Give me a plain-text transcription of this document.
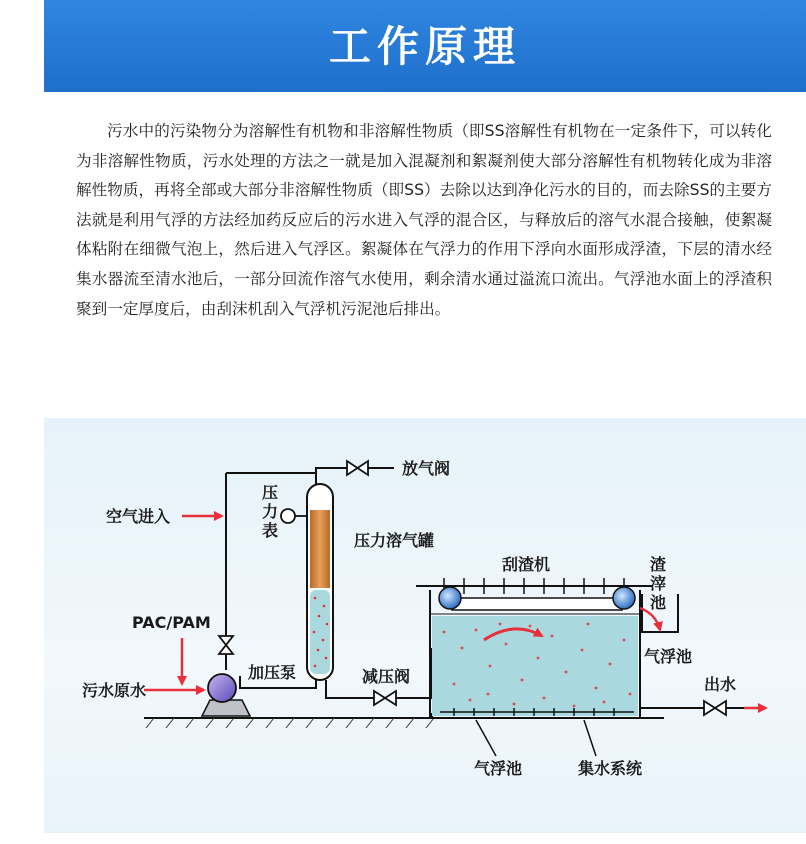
工作原理
污水中的污染物分为溶解性有机物和非溶解性物质（即SS溶解性有机物在一定条件下，可以转化为非溶解性物质，污水处理的方法之一就是加入混凝剂和絮凝剂使大部分溶解性有机物转化成为非溶解性物质，再将全部或大部分非溶解性物质（即SS）去除以达到净化污水的目的，而去除SS的主要方法就是利用气浮的方法经加药反应后的污水进入气浮的混合区，与释放后的溶气水混合接触，使絮凝体粘附在细微气泡上，然后进入气浮区。絮凝体在气浮力的作用下浮向水面形成浮渣，下层的清水经集水器流至清水池后，一部分回流作溶气水使用，剩余清水通过溢流口流出。气浮池水面上的浮渣积聚到一定厚度后，由刮沫机刮入气浮机污泥池后排出。
放气阀
压 力 表
空气进入
压力溶气罐
PAC/PAM
加压泵
污水原水
减压阀
刮渣机	渣 滓 池
气浮池
出水
气浮池	集水系统
